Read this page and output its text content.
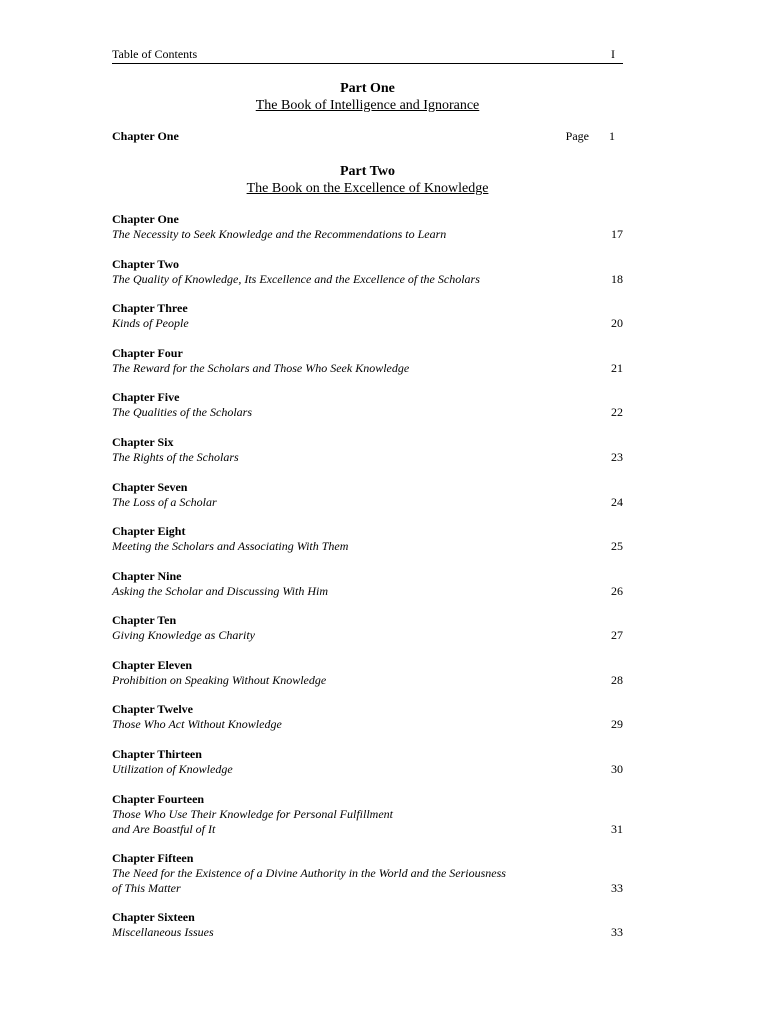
Table of Contents	I
Part One
The Book of Intelligence and Ignorance
Chapter One	Page 1
Part Two
The Book on the Excellence of Knowledge
Chapter One
The Necessity to Seek Knowledge and the Recommendations to Learn	17
Chapter Two
The Quality of Knowledge, Its Excellence and the Excellence of the Scholars	18
Chapter Three
Kinds of People	20
Chapter Four
The Reward for the Scholars and Those Who Seek Knowledge	21
Chapter Five
The Qualities of the Scholars	22
Chapter Six
The Rights of the Scholars	23
Chapter Seven
The Loss of a Scholar	24
Chapter Eight
Meeting the Scholars and Associating With Them	25
Chapter Nine
Asking the Scholar and Discussing With Him	26
Chapter Ten
Giving Knowledge as Charity	27
Chapter Eleven
Prohibition on Speaking Without Knowledge	28
Chapter Twelve
Those Who Act Without Knowledge	29
Chapter Thirteen
Utilization of Knowledge	30
Chapter Fourteen
Those Who Use Their Knowledge for Personal Fulfillment
and Are Boastful of It	31
Chapter Fifteen
The Need for the Existence of a Divine Authority in the World and the Seriousness
of This Matter	33
Chapter Sixteen
Miscellaneous Issues	33
